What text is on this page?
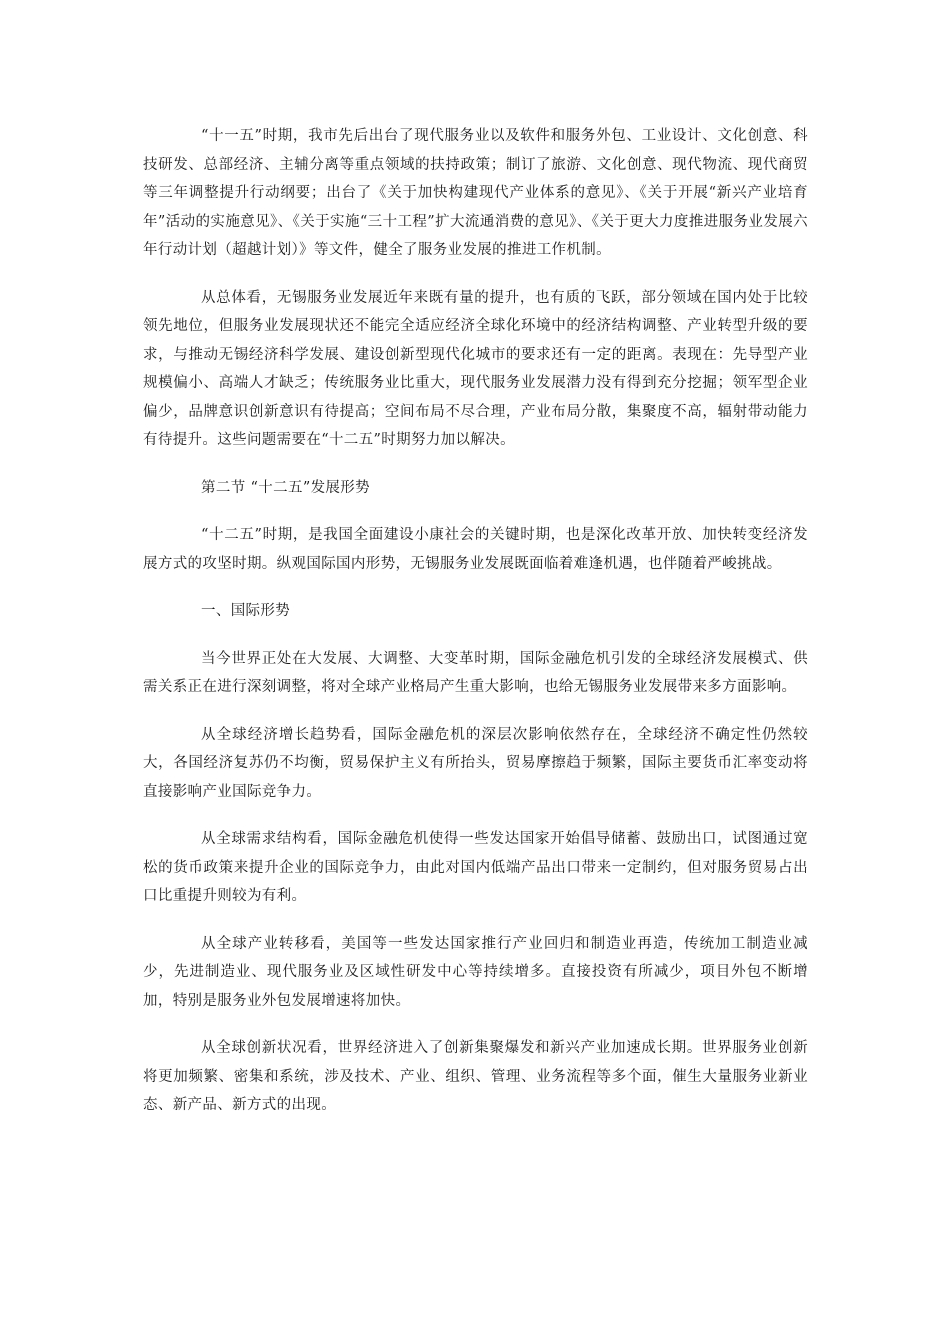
“十一五”时期，我市先后出台了现代服务业以及软件和服务外包、工业设计、文化创意、科技研发、总部经济、主辅分离等重点领域的扶持政策；制订了旅游、文化创意、现代物流、现代商贸等三年调整提升行动纲要；出台了《关于加快构建现代产业体系的意见》、《关于开展“新兴产业培育年”活动的实施意见》、《关于实施“三十工程”扩大流通消费的意见》、《关于更大力度推进服务业发展六年行动计划（超越计划）》等文件，健全了服务业发展的推进工作机制。

从总体看，无锡服务业发展近年来既有量的提升，也有质的飞跃，部分领域在国内处于比较领先地位，但服务业发展现状还不能完全适应经济全球化环境中的经济结构调整、产业转型升级的要求，与推动无锡经济科学发展、建设创新型现代化城市的要求还有一定的距离。表现在：先导型产业规模偏小、高端人才缺乏；传统服务业比重大，现代服务业发展潜力没有得到充分挖掘；领军型企业偏少，品牌意识创新意识有待提高；空间布局不尽合理，产业布局分散，集聚度不高，辐射带动能力有待提升。这些问题需要在“十二五”时期努力加以解决。

第二节 “十二五”发展形势

“十二五”时期，是我国全面建设小康社会的关键时期，也是深化改革开放、加快转变经济发展方式的攻坚时期。纵观国际国内形势，无锡服务业发展既面临着难逢机遇，也伴随着严峻挑战。

一、国际形势

当今世界正处在大发展、大调整、大变革时期，国际金融危机引发的全球经济发展模式、供需关系正在进行深刻调整，将对全球产业格局产生重大影响，也给无锡服务业发展带来多方面影响。

从全球经济增长趋势看，国际金融危机的深层次影响依然存在，全球经济不确定性仍然较大，各国经济复苏仍不均衡，贸易保护主义有所抬头，贸易摩擦趋于频繁，国际主要货币汇率变动将直接影响产业国际竞争力。

从全球需求结构看，国际金融危机使得一些发达国家开始倡导储蓄、鼓励出口，试图通过宽松的货币政策来提升企业的国际竞争力，由此对国内低端产品出口带来一定制约，但对服务贸易占出口比重提升则较为有利。

从全球产业转移看，美国等一些发达国家推行产业回归和制造业再造，传统加工制造业减少，先进制造业、现代服务业及区域性研发中心等持续增多。直接投资有所减少，项目外包不断增加，特别是服务业外包发展增速将加快。

从全球创新状况看，世界经济进入了创新集聚爆发和新兴产业加速成长期。世界服务业创新将更加频繁、密集和系统，涉及技术、产业、组织、管理、业务流程等多个面，催生大量服务业新业态、新产品、新方式的出现。
